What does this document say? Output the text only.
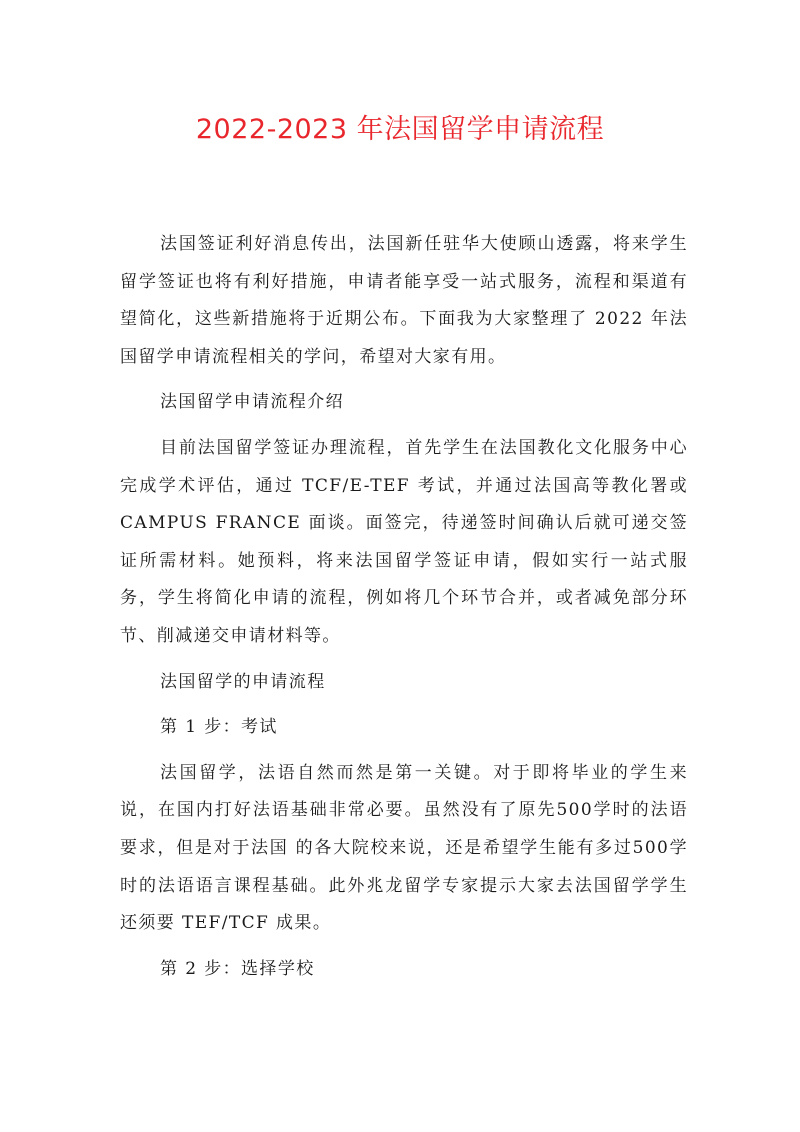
2022-2023 年法国留学申请流程

法国签证利好消息传出，法国新任驻华大使顾山透露，将来学生留学签证也将有利好措施，申请者能享受一站式服务，流程和渠道有望简化，这些新措施将于近期公布。下面我为大家整理了 2022 年法国留学申请流程相关的学问，希望对大家有用。

法国留学申请流程介绍

目前法国留学签证办理流程，首先学生在法国教化文化服务中心完成学术评估，通过 TCF/E-TEF 考试，并通过法国高等教化署或 CAMPUS FRANCE 面谈。面签完，待递签时间确认后就可递交签证所需材料。她预料，将来法国留学签证申请，假如实行一站式服务，学生将简化申请的流程，例如将几个环节合并，或者减免部分环节、削减递交申请材料等。

法国留学的申请流程

第 1 步：考试

法国留学，法语自然而然是第一关键。对于即将毕业的学生来说，在国内打好法语基础非常必要。虽然没有了原先500学时的法语要求，但是对于法国 的各大院校来说，还是希望学生能有多过500学时的法语语言课程基础。此外兆龙留学专家提示大家去法国留学学生还须要 TEF/TCF 成果。

第 2 步：选择学校
